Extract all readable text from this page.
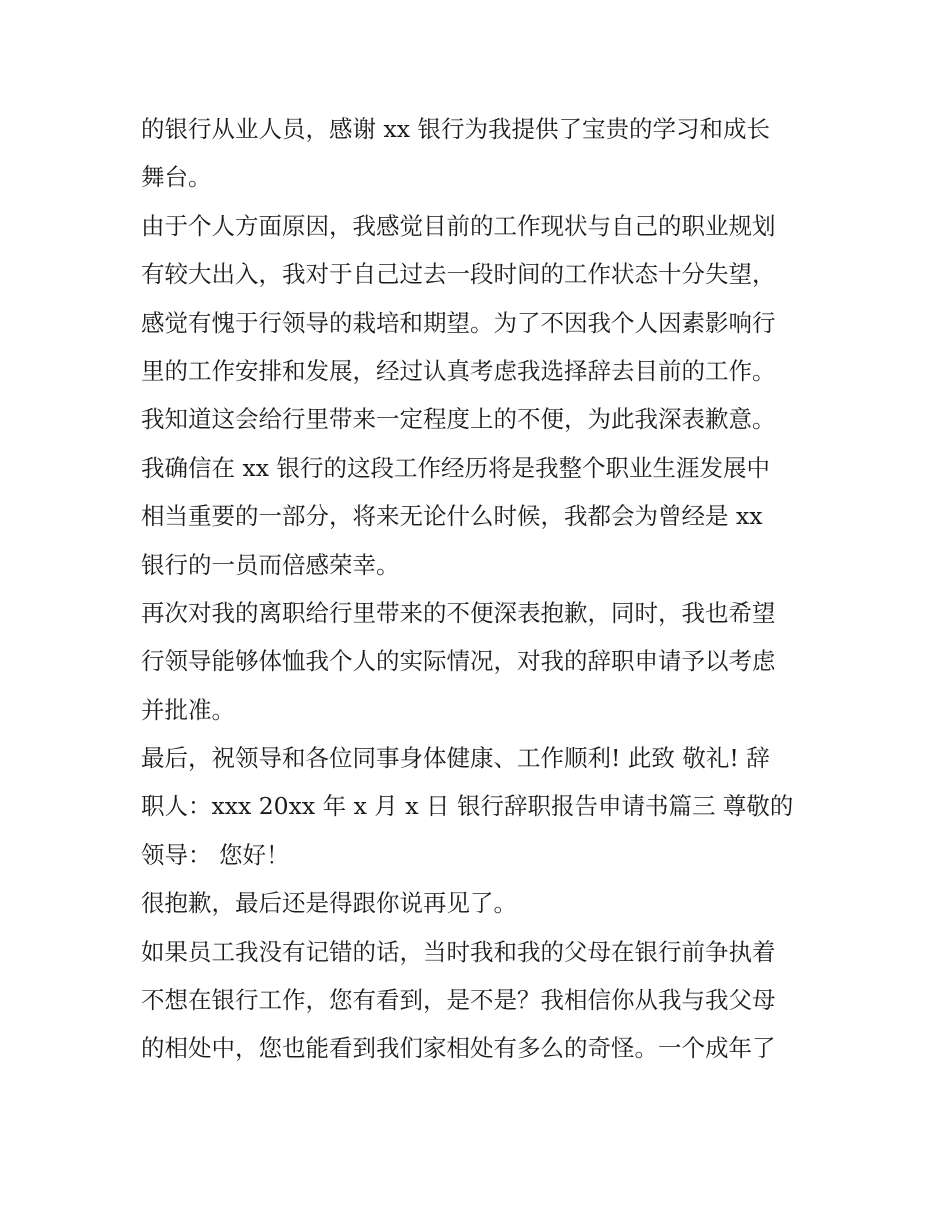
的银行从业人员，感谢 xx 银行为我提供了宝贵的学习和成长
舞台。
由于个人方面原因，我感觉目前的工作现状与自己的职业规划
有较大出入，我对于自己过去一段时间的工作状态十分失望，
感觉有愧于行领导的栽培和期望。为了不因我个人因素影响行
里的工作安排和发展，经过认真考虑我选择辞去目前的工作。
我知道这会给行里带来一定程度上的不便，为此我深表歉意。
我确信在 xx 银行的这段工作经历将是我整个职业生涯发展中
相当重要的一部分，将来无论什么时候，我都会为曾经是 xx
银行的一员而倍感荣幸。
再次对我的离职给行里带来的不便深表抱歉，同时，我也希望
行领导能够体恤我个人的实际情况，对我的辞职申请予以考虑
并批准。
最后，祝领导和各位同事身体健康、工作顺利! 此致 敬礼! 辞
职人：xxx 20xx 年 x 月 x 日 银行辞职报告申请书篇三 尊敬的
领导： 您好！
很抱歉，最后还是得跟你说再见了。
如果员工我没有记错的话，当时我和我的父母在银行前争执着
不想在银行工作，您有看到，是不是？我相信你从我与我父母
的相处中，您也能看到我们家相处有多么的奇怪。一个成年了
